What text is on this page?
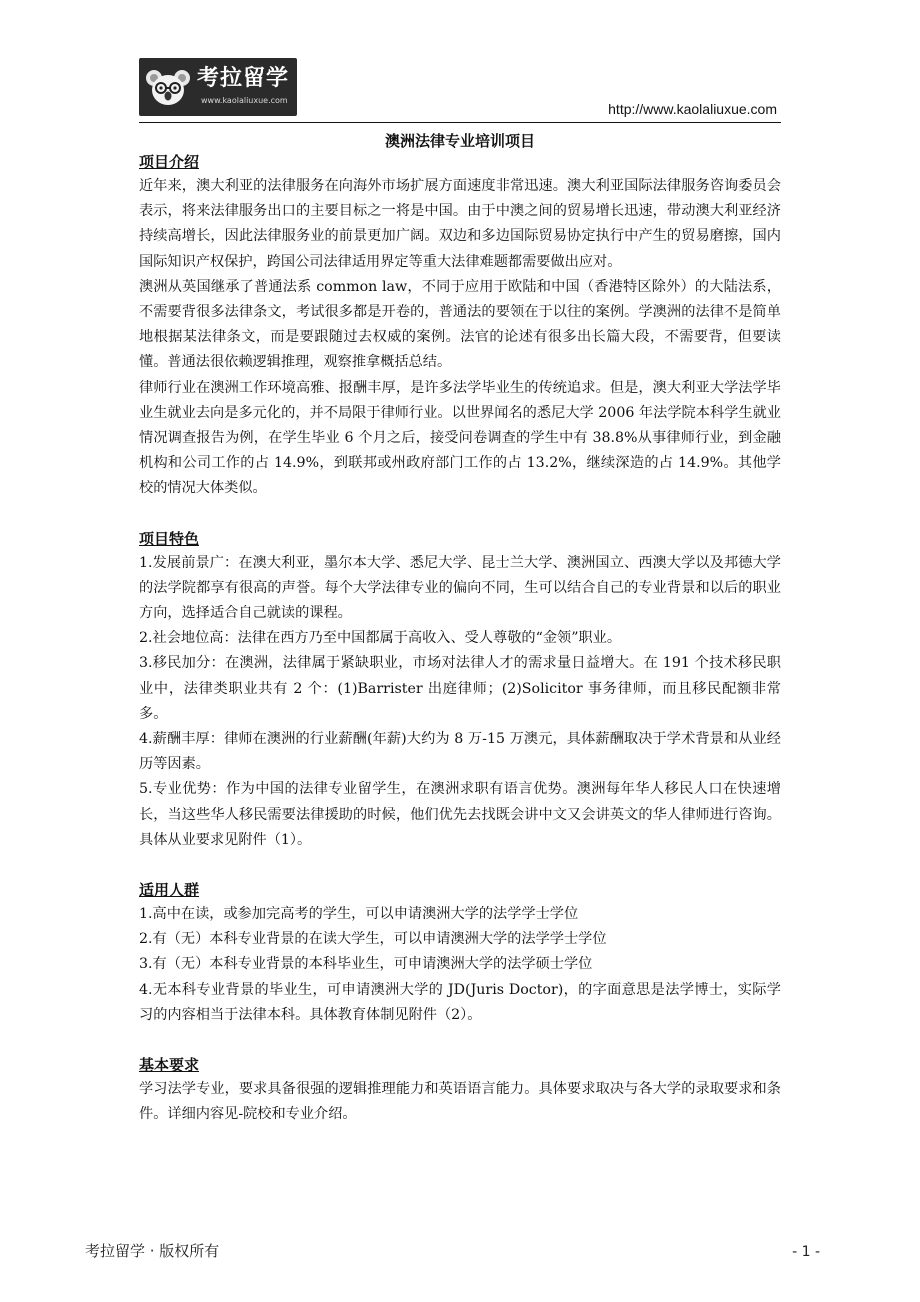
考拉留学
www.kaolaliuxue.com
http://www.kaolaliuxue.com
澳洲法律专业培训项目
项目介绍
近年来，澳大利亚的法律服务在向海外市场扩展方面速度非常迅速。澳大利亚国际法律服务咨询委员会表示，将来法律服务出口的主要目标之一将是中国。由于中澳之间的贸易增长迅速，带动澳大利亚经济持续高增长，因此法律服务业的前景更加广阔。双边和多边国际贸易协定执行中产生的贸易磨擦，国内国际知识产权保护，跨国公司法律适用界定等重大法律难题都需要做出应对。
澳洲从英国继承了普通法系 common law，不同于应用于欧陆和中国（香港特区除外）的大陆法系，不需要背很多法律条文，考试很多都是开卷的，普通法的要领在于以往的案例。学澳洲的法律不是简单地根据某法律条文，而是要跟随过去权威的案例。法官的论述有很多出长篇大段，不需要背，但要读懂。普通法很依赖逻辑推理，观察推拿概括总结。
律师行业在澳洲工作环境高雅、报酬丰厚，是许多法学毕业生的传统追求。但是，澳大利亚大学法学毕业生就业去向是多元化的，并不局限于律师行业。以世界闻名的悉尼大学 2006 年法学院本科学生就业情况调查报告为例，在学生毕业 6 个月之后，接受问卷调查的学生中有 38.8%从事律师行业，到金融机构和公司工作的占 14.9%，到联邦或州政府部门工作的占 13.2%，继续深造的占 14.9%。其他学校的情况大体类似。
项目特色
1.发展前景广：在澳大利亚，墨尔本大学、悉尼大学、昆士兰大学、澳洲国立、西澳大学以及邦德大学的法学院都享有很高的声誉。每个大学法律专业的偏向不同，生可以结合自己的专业背景和以后的职业方向，选择适合自己就读的课程。
2.社会地位高：法律在西方乃至中国都属于高收入、受人尊敬的“金领”职业。
3.移民加分：在澳洲，法律属于紧缺职业，市场对法律人才的需求量日益增大。在 191 个技术移民职业中，法律类职业共有 2 个：(1)Barrister 出庭律师；(2)Solicitor 事务律师，而且移民配额非常多。
4.薪酬丰厚：律师在澳洲的行业薪酬(年薪)大约为 8 万-15 万澳元，具体薪酬取决于学术背景和从业经历等因素。
5.专业优势：作为中国的法律专业留学生，在澳洲求职有语言优势。澳洲每年华人移民人口在快速增长，当这些华人移民需要法律援助的时候，他们优先去找既会讲中文又会讲英文的华人律师进行咨询。具体从业要求见附件（1）。
适用人群
1.高中在读，或参加完高考的学生，可以申请澳洲大学的法学学士学位
2.有（无）本科专业背景的在读大学生，可以申请澳洲大学的法学学士学位
3.有（无）本科专业背景的本科毕业生，可申请澳洲大学的法学硕士学位
4.无本科专业背景的毕业生，可申请澳洲大学的 JD(Juris Doctor)，的字面意思是法学博士，实际学习的内容相当于法律本科。具体教育体制见附件（2）。
基本要求
学习法学专业，要求具备很强的逻辑推理能力和英语语言能力。具体要求取决与各大学的录取要求和条件。详细内容见-院校和专业介绍。
考拉留学 · 版权所有	- 1 -
